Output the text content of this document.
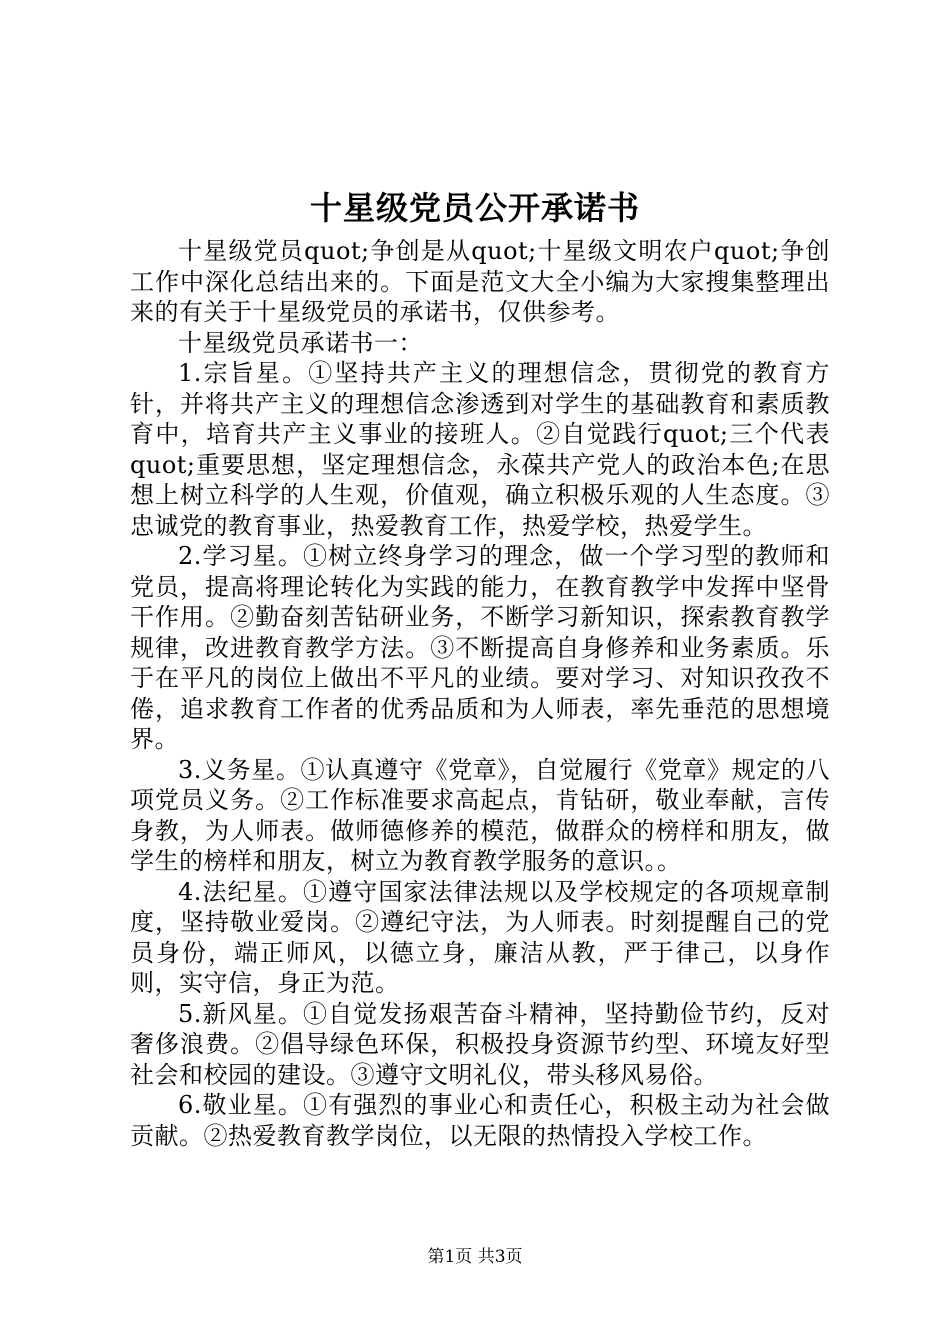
十星级党员公开承诺书

十星级党员quot;争创是从quot;十星级文明农户quot;争创工作中深化总结出来的。下面是范文大全小编为大家搜集整理出来的有关于十星级党员的承诺书，仅供参考。

十星级党员承诺书一：

1.宗旨星。①坚持共产主义的理想信念，贯彻党的教育方针，并将共产主义的理想信念渗透到对学生的基础教育和素质教育中，培育共产主义事业的接班人。②自觉践行quot;三个代表quot;重要思想，坚定理想信念，永葆共产党人的政治本色;在思想上树立科学的人生观，价值观，确立积极乐观的人生态度。③忠诚党的教育事业，热爱教育工作，热爱学校，热爱学生。

2.学习星。①树立终身学习的理念，做一个学习型的教师和党员，提高将理论转化为实践的能力，在教育教学中发挥中坚骨干作用。②勤奋刻苦钻研业务，不断学习新知识，探索教育教学规律，改进教育教学方法。③不断提高自身修养和业务素质。乐于在平凡的岗位上做出不平凡的业绩。要对学习、对知识孜孜不倦，追求教育工作者的优秀品质和为人师表，率先垂范的思想境界。

3.义务星。①认真遵守《党章》，自觉履行《党章》规定的八项党员义务。②工作标准要求高起点，肯钻研，敬业奉献，言传身教，为人师表。做师德修养的模范，做群众的榜样和朋友，做学生的榜样和朋友，树立为教育教学服务的意识。。

4.法纪星。①遵守国家法律法规以及学校规定的各项规章制度，坚持敬业爱岗。②遵纪守法，为人师表。时刻提醒自己的党员身份，端正师风，以德立身，廉洁从教，严于律己，以身作则，实守信，身正为范。

5.新风星。①自觉发扬艰苦奋斗精神，坚持勤俭节约，反对奢侈浪费。②倡导绿色环保，积极投身资源节约型、环境友好型社会和校园的建设。③遵守文明礼仪，带头移风易俗。

6.敬业星。①有强烈的事业心和责任心，积极主动为社会做贡献。②热爱教育教学岗位，以无限的热情投入学校工作。

第1页 共3页
